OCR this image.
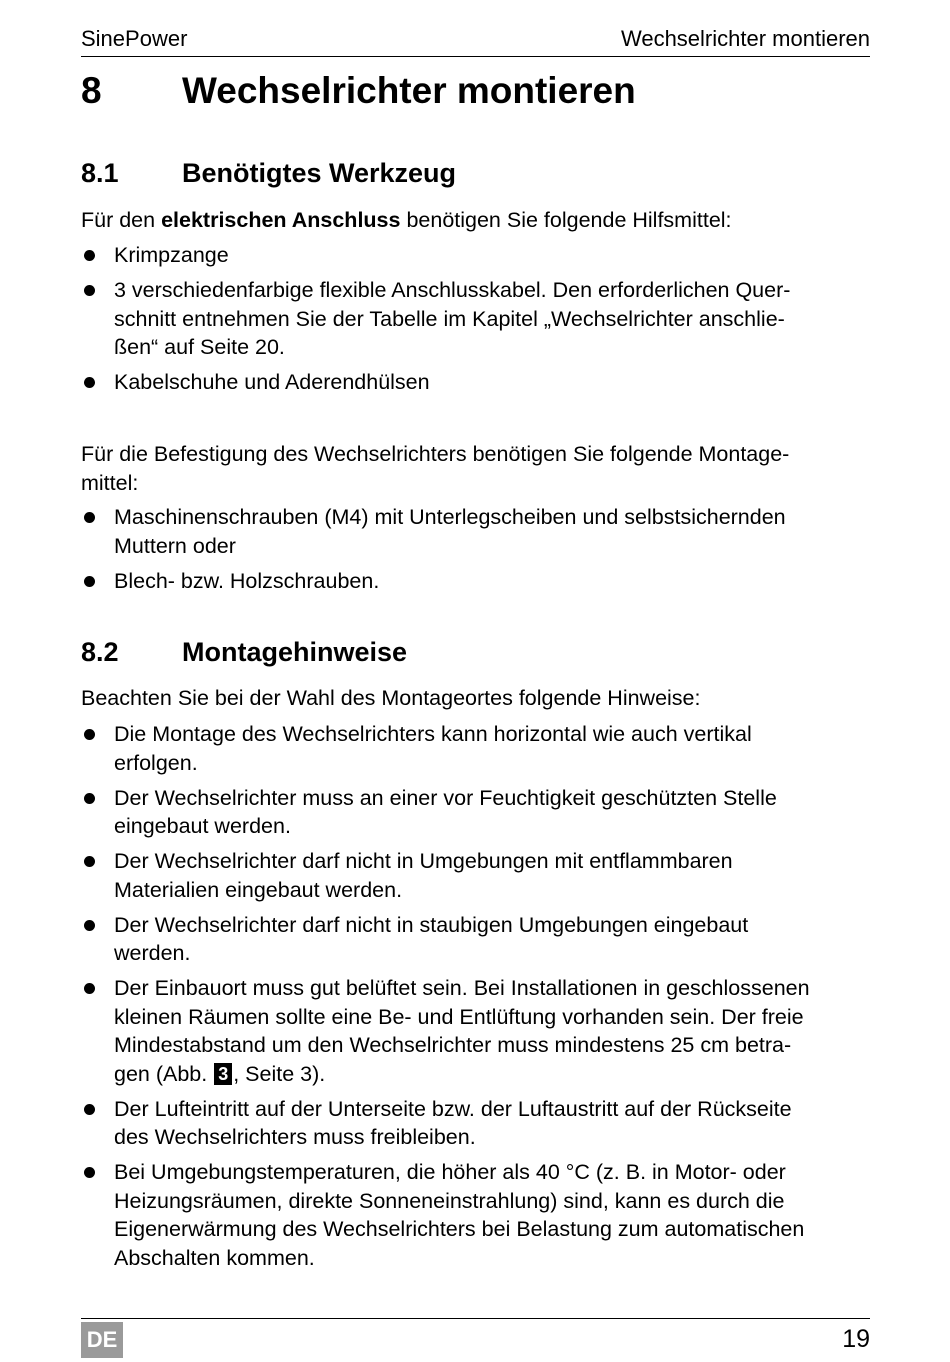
SinePower	Wechselrichter montieren
8 Wechselrichter montieren
8.1 Benötigtes Werkzeug
Für den elektrischen Anschluss benötigen Sie folgende Hilfsmittel:
Krimpzange
3 verschiedenfarbige flexible Anschlusskabel. Den erforderlichen Quer-
schnitt entnehmen Sie der Tabelle im Kapitel „Wechselrichter anschlie-
ßen“ auf Seite 20.
Kabelschuhe und Aderendhülsen
Für die Befestigung des Wechselrichters benötigen Sie folgende Montage-
mittel:
Maschinenschrauben (M4) mit Unterlegscheiben und selbstsichernden
Muttern oder
Blech- bzw. Holzschrauben.
8.2 Montagehinweise
Beachten Sie bei der Wahl des Montageortes folgende Hinweise:
Die Montage des Wechselrichters kann horizontal wie auch vertikal
erfolgen.
Der Wechselrichter muss an einer vor Feuchtigkeit geschützten Stelle
eingebaut werden.
Der Wechselrichter darf nicht in Umgebungen mit entflammbaren
Materialien eingebaut werden.
Der Wechselrichter darf nicht in staubigen Umgebungen eingebaut
werden.
Der Einbauort muss gut belüftet sein. Bei Installationen in geschlossenen
kleinen Räumen sollte eine Be- und Entlüftung vorhanden sein. Der freie
Mindestabstand um den Wechselrichter muss mindestens 25 cm betra-
gen (Abb. 3 , Seite 3).
Der Lufteintritt auf der Unterseite bzw. der Luftaustritt auf der Rückseite
des Wechselrichters muss freibleiben.
Bei Umgebungstemperaturen, die höher als 40 °C (z. B. in Motor- oder
Heizungsräumen, direkte Sonneneinstrahlung) sind, kann es durch die
Eigenerwärmung des Wechselrichters bei Belastung zum automatischen
Abschalten kommen.
DE	19
